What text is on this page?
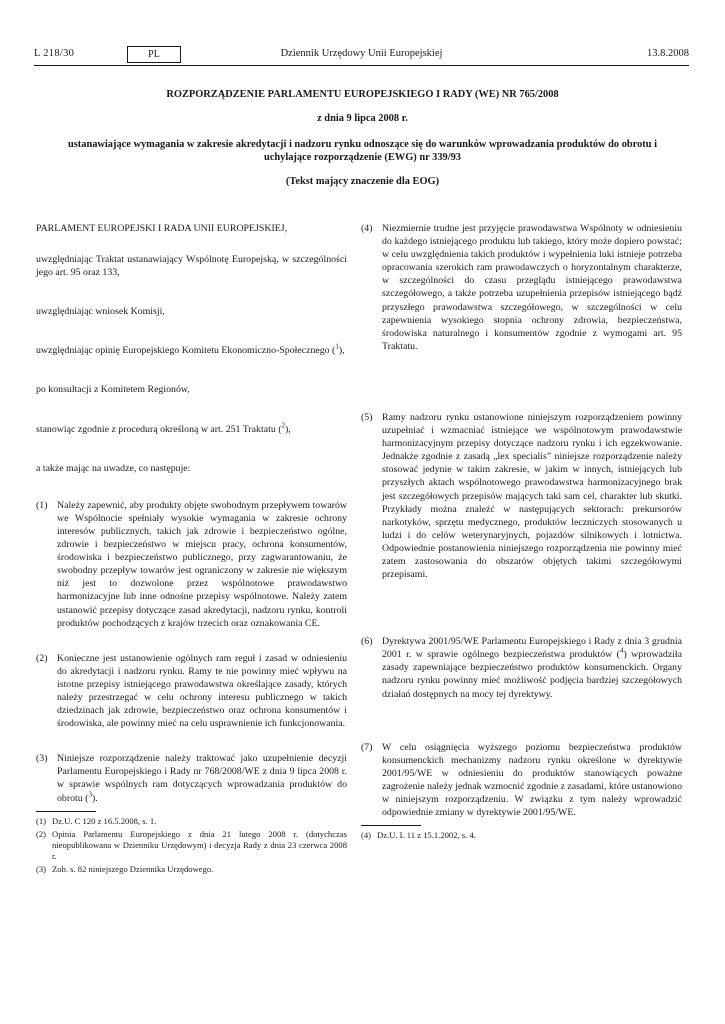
L 218/30	PL	Dziennik Urzędowy Unii Europejskiej	13.8.2008
ROZPORZĄDZENIE PARLAMENTU EUROPEJSKIEGO I RADY (WE) NR 765/2008
z dnia 9 lipca 2008 r.
ustanawiające wymagania w zakresie akredytacji i nadzoru rynku odnoszące się do warunków wprowadzania produktów do obrotu i uchylające rozporządzenie (EWG) nr 339/93
(Tekst mający znaczenie dla EOG)

PARLAMENT EUROPEJSKI I RADA UNII EUROPEJSKIEJ,

uwzględniając Traktat ustanawiający Wspólnotę Europejską, w szczególności jego art. 95 oraz 133,

uwzględniając wniosek Komisji,

uwzględniając opinię Europejskiego Komitetu Ekonomiczno-Społecznego ($^1$),

po konsultacji z Komitetem Regionów,

stanowiąc zgodnie z procedurą określoną w art. 251 Traktatu ($^2$),

a także mając na uwadze, co następuje:

(1) Należy zapewnić, aby produkty objęte swobodnym przepływem towarów we Wspólnocie spełniały wysokie wymagania w zakresie ochrony interesów publicznych, takich jak zdrowie i bezpieczeństwo ogólne, zdrowie i bezpieczeństwo w miejscu pracy, ochrona konsumentów, środowiska i bezpieczeństwo publicznego, przy zagwarantowaniu, że swobodny przepływ towarów jest ograniczony w zakresie nie większym niż jest to dozwolone przez wspólnotowe prawodawstwo harmonizacyjne lub inne odnośne przepisy wspólnotowe. Należy zatem ustanowić przepisy dotyczące zasad akredytacji, nadzoru rynku, kontroli produktów pochodzących z krajów trzecich oraz oznakowania CE.
(2) Konieczne jest ustanowienie ogólnych ram reguł i zasad w odniesieniu do akredytacji i nadzoru rynku. Ramy te nie powinny mieć wpływu na istotne przepisy istniejącego prawodawstwa określające zasady, których należy przestrzegać w celu ochrony interesu publicznego w takich dziedzinach jak zdrowie, bezpieczeństwo oraz ochrona konsumentów i środowiska, ale powinny mieć na celu usprawnienie ich funkcjonowania.
(3) Niniejsze rozporządzenie należy traktować jako uzupełnienie decyzji Parlamentu Europejskiego i Rady nr 768/2008/WE z dnia 9 lipca 2008 r. w sprawie wspólnych ram dotyczących wprowadzania produktów do obrotu ($^3$).
(1) Dz.U. C 120 z 16.5.2008, s. 1.
(2) Opinia Parlamentu Europejskiego z dnia 21 lutego 2008 r. (dotychczas nieopublikowana w Dzienniku Urzędowym) i decyzja Rady z dnia 23 czerwca 2008 r.
(3) Zob. s. 82 niniejszego Dziennika Urzędowego.
(4) Niezmiernie trudne jest przyjęcie prawodawstwa Wspólnoty w odniesieniu do każdego istniejącego produktu lub takiego, który może dopiero powstać; w celu uwzględnienia takich produktów i wypełnienia luki istnieje potrzeba opracowania szerokich ram prawodawczych o horyzontalnym charakterze, w szczególności do czasu przeglądu istniejącego prawodawstwa szczegółowego, a także potrzeba uzupełnienia przepisów istniejącego bądź przyszłego prawodawstwa szczegółowego, w szczególności w celu zapewnienia wysokiego stopnia ochrony zdrowia, bezpieczeństwa, środowiska naturalnego i konsumentów zgodnie z wymogami art. 95 Traktatu.
(5) Ramy nadzoru rynku ustanowione niniejszym rozporządzeniem powinny uzupełniać i wzmacniać istniejące we wspólnotowym prawodawstwie harmonizacyjnym przepisy dotyczące nadzoru rynku i ich egzekwowanie. Jednakże zgodnie z zasadą „lex specialis” niniejsze rozporządzenie należy stosować jedynie w takim zakresie, w jakim w innych, istniejących lub przyszłych aktach wspólnotowego prawodawstwa harmonizacyjnego brak jest szczegółowych przepisów mających taki sam cel, charakter lub skutki. Przykłady można znaleźć w następujących sektorach: prekursorów narkotyków, sprzętu medycznego, produktów leczniczych stosowanych u ludzi i do celów weterynaryjnych, pojazdów silnikowych i lotnictwa. Odpowiednie postanowienia niniejszego rozporządzenia nie powinny mieć zatem zastosowania do obszarów objętych takimi szczegółowymi przepisami.
(6) Dyrektywa 2001/95/WE Parlamentu Europejskiego i Rady z dnia 3 grudnia 2001 r. w sprawie ogólnego bezpieczeństwa produktów ($^4$) wprowadziła zasady zapewniające bezpieczeństwo produktów konsumenckich. Organy nadzoru rynku powinny mieć możliwość podjęcia bardziej szczegółowych działań dostępnych na mocy tej dyrektywy.
(7) W celu osiągnięcia wyższego poziomu bezpieczeństwa produktów konsumenckich mechanizmy nadzoru rynku określone w dyrektywie 2001/95/WE w odniesieniu do produktów stanowiących poważne zagrożenie należy jednak wzmocnić zgodnie z zasadami, które ustanowiono w niniejszym rozporządzeniu. W związku z tym należy wprowadzić odpowiednie zmiany w dyrektywie 2001/95/WE.
(4) Dz.U. L 11 z 15.1.2002, s. 4.
